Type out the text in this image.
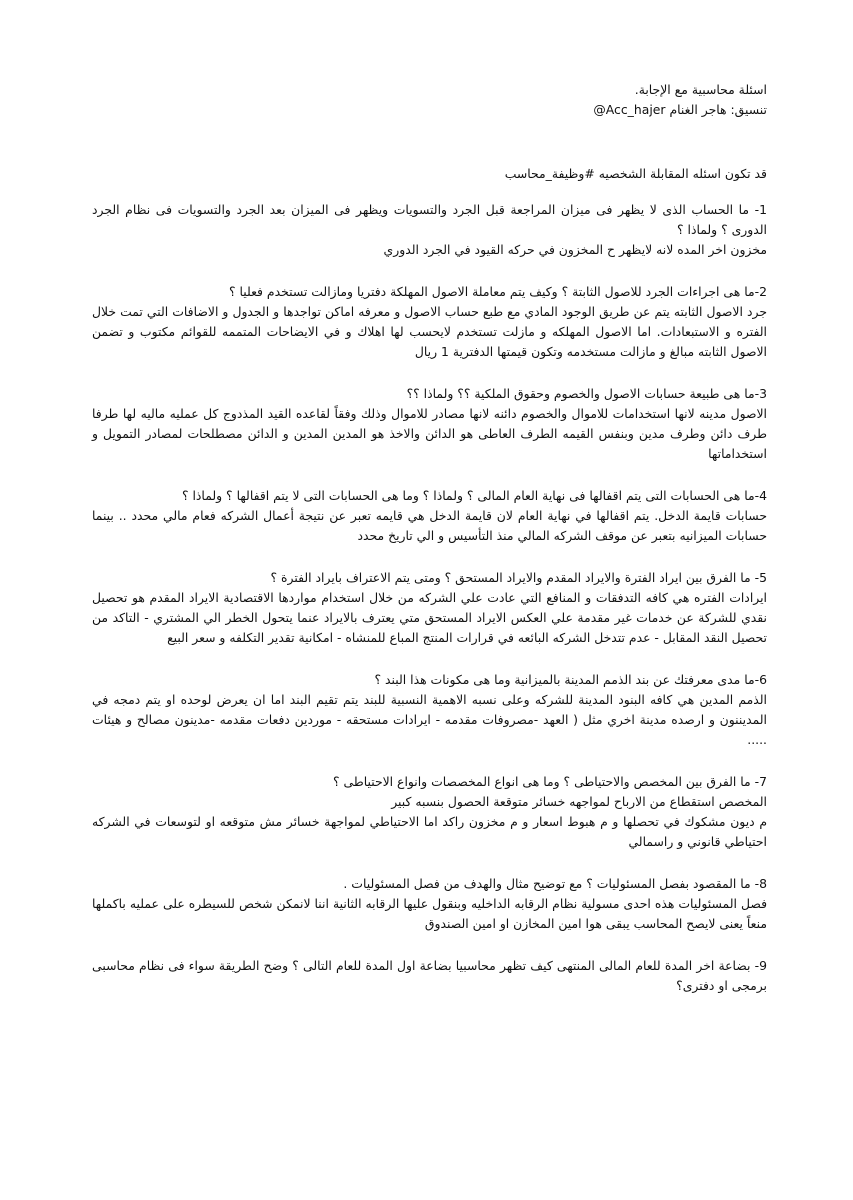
اسئلة محاسبية مع الإجابة.

تنسيق: هاجر الغنام @Acc_hajer

قد تكون اسئله المقابلة الشخصيه #وظيفة_محاسب

1- ما الحساب الذى لا يظهر فى ميزان المراجعة قبل الجرد والتسويات ويظهر فى الميزان بعد الجرد والتسويات فى نظام الجرد الدورى ؟ ولماذا ؟

مخزون اخر المده لانه لايظهر ح المخزون في حركه القيود في الجرد الدوري

2-ما هى اجراءات الجرد للاصول الثابتة ؟ وكيف يتم معاملة الاصول المهلكة دفتريا ومازالت تستخدم فعليا ؟

جرد الاصول الثابته يتم عن طريق الوجود المادي مع طبع حساب الاصول و معرفه اماكن تواجدها و الجدول و الاضافات التي تمت خلال الفتره و الاستبعادات. اما الاصول المهلكه و مازلت تستخدم لايحسب لها اهلاك و في الايضاحات المتممه للقوائم مكتوب و تضمن الاصول الثابته مبالغ و مازالت مستخدمه وتكون قيمتها الدفترية 1 ريال

3-ما هى طبيعة حسابات الاصول والخصوم وحقوق الملكية ؟؟ ولماذا ؟؟

الاصول مدينه لانها استخدامات للاموال والخصوم دائنه لانها مصادر للاموال وذلك وفقاً لقاعده القيد المذدوج كل عمليه ماليه لها طرفا طرف دائن وطرف مدين وبنفس القيمه الطرف العاطى هو الدائن والاخذ هو المدين المدين و الدائن مصطلحات لمصادر التمويل و استخداماتها

4-ما هى الحسابات التى يتم اقفالها فى نهاية العام المالى ؟ ولماذا ؟ وما هى الحسابات التى لا يتم اقفالها ؟ ولماذا ؟

حسابات قايمة الدخل. يتم اقفالها في نهاية العام لان قايمة الدخل هي قايمه تعبر عن نتيجة أعمال الشركه فعام مالي محدد .. بينما حسابات الميزانيه بتعبر عن موقف الشركه المالي منذ التأسيس و الي تاريخ محدد

5- ما الفرق بين ايراد الفترة والايراد المقدم والايراد المستحق ؟ ومتى يتم الاعتراف بايراد الفترة ؟

ايرادات الفتره هي كافه التدفقات و المنافع التي عادت علي الشركه من خلال استخدام مواردها الاقتصادية الايراد المقدم هو تحصيل نقدي للشركة عن خدمات غير مقدمة علي العكس الايراد المستحق متي يعترف بالايراد عنما يتحول الخطر الي المشتري - التاكد من تحصيل النقد المقابل - عدم تتدخل الشركه البائعه في قرارات المنتج المباع للمنشاه - امكانية تقدير التكلفه و سعر البيع

6-ما مدى معرفتك عن بند الذمم المدينة بالميزانية وما هى مكونات هذا البند ؟

الذمم المدين هي كافه البنود المدينة للشركه وعلى نسبه الاهمية النسبية للبند يتم تقيم البند اما ان يعرض لوحده او يتم دمجه في المديننون و ارصده مدينة اخري مثل ( العهد -مصروفات مقدمه - ايرادات مستحقه - موردين دفعات مقدمه -مدينون مصالح و هيئات .....

7- ما الفرق بين المخصص والاحتياطى ؟ وما هى انواع المخصصات وانواع الاحتياطى ؟

المخصص استقطاع من الارباح لمواجهه خسائر متوقعة الحصول بنسبه كبير
م ديون مشكوك في تحصلها و م هبوط اسعار و م مخزون راكد اما الاحتياطي لمواجهة خسائر مش متوقعه او لتوسعات في الشركه احتياطي قانوني و راسمالي

8- ما المقصود بفصل المسئوليات ؟ مع توضيح مثال والهدف من فصل المسئوليات .

فصل المسئوليات هذه احدى مسولية نظام الرقابه الداخليه وبنقول عليها الرقابه الثانية اننا لانمكن شخص للسيطره على عمليه باكملها منعاً يعنى لايصح المحاسب يبقى هوا امين المخازن او امين الصندوق

9- بضاعة اخر المدة للعام المالى المنتهى كيف تظهر محاسبيا بضاعة اول المدة للعام التالى ؟ وضح الطريقة سواء فى نظام محاسبى برمجى او دفترى؟
